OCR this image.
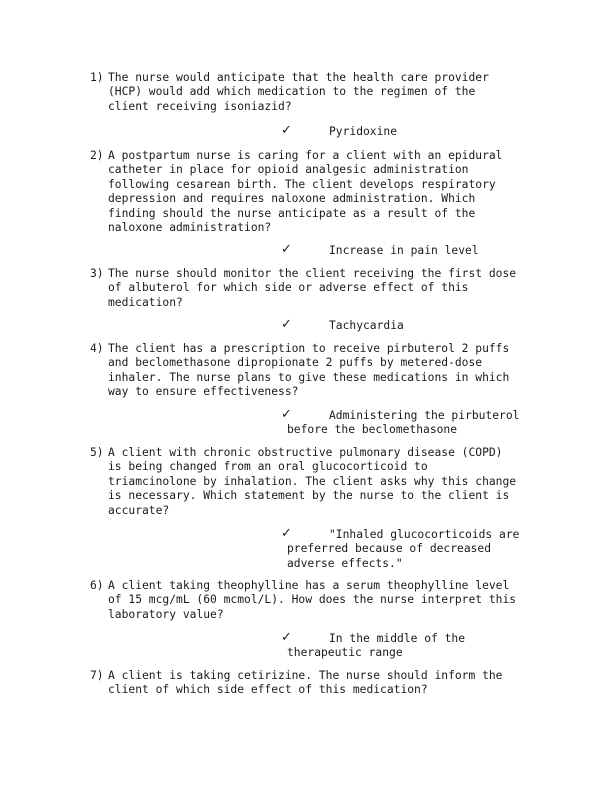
1) The nurse would anticipate that the health care provider
(HCP) would add which medication to the regimen of the
client receiving isoniazid?
✓	Pyridoxine
2) A postpartum nurse is caring for a client with an epidural
catheter in place for opioid analgesic administration
following cesarean birth. The client develops respiratory
depression and requires naloxone administration. Which
finding should the nurse anticipate as a result of the
naloxone administration?
✓	Increase in pain level
3) The nurse should monitor the client receiving the first dose
of albuterol for which side or adverse effect of this
medication?
✓	Tachycardia
4) The client has a prescription to receive pirbuterol 2 puffs
and beclomethasone dipropionate 2 puffs by metered-dose
inhaler. The nurse plans to give these medications in which
way to ensure effectiveness?
✓	Administering the pirbuterol
before the beclomethasone
5) A client with chronic obstructive pulmonary disease (COPD)
is being changed from an oral glucocorticoid to
triamcinolone by inhalation. The client asks why this change
is necessary. Which statement by the nurse to the client is
accurate?
✓	"Inhaled glucocorticoids are
preferred because of decreased
adverse effects."
6) A client taking theophylline has a serum theophylline level
of 15 mcg/mL (60 mcmol/L). How does the nurse interpret this
laboratory value?
✓	In the middle of the
therapeutic range
7) A client is taking cetirizine. The nurse should inform the
client of which side effect of this medication?
